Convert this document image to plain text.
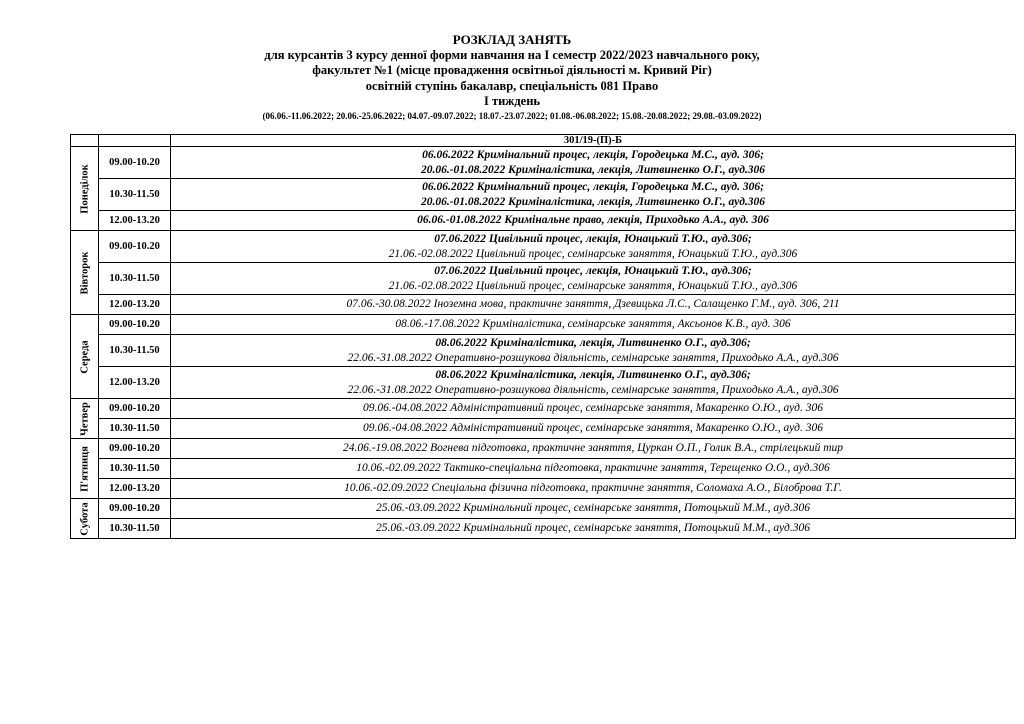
РОЗКЛАД ЗАНЯТЬ
для курсантів 3 курсу денної форми навчання на І семестр 2022/2023 навчального року,
факультет №1 (місце провадження освітньої діяльності м. Кривий Ріг)
освітній ступінь бакалавр, спеціальність 081 Право
І тиждень
(06.06.-11.06.2022; 20.06.-25.06.2022; 04.07.-09.07.2022; 18.07.-23.07.2022; 01.08.-06.08.2022; 15.08.-20.08.2022; 29.08.-03.09.2022)
		301/19-(П)-Б

Понеділок	09.00-10.20	06.06.2022 Кримінальний процес, лекція, Городецька М.С., ауд. 306;
20.06.-01.08.2022 Криміналістика, лекція, Литвиненко О.Г., ауд.306

	10.30-11.50	06.06.2022 Кримінальний процес, лекція, Городецька М.С., ауд. 306;
20.06.-01.08.2022 Криміналістика, лекція, Литвиненко О.Г., ауд.306

	12.00-13.20	06.06.-01.08.2022 Кримінальне право, лекція, Приходько А.А., ауд. 306

Вівторок	09.00-10.20	07.06.2022 Цивільний процес, лекція, Юнацький Т.Ю., ауд.306;
21.06.-02.08.2022 Цивільний процес, семінарське заняття, Юнацький Т.Ю., ауд.306

	10.30-11.50	07.06.2022 Цивільний процес, лекція, Юнацький Т.Ю., ауд.306;
21.06.-02.08.2022 Цивільний процес, семінарське заняття, Юнацький Т.Ю., ауд.306

	12.00-13.20	07.06.-30.08.2022 Іноземна мова, практичне заняття, Дзевицька Л.С., Салащенко Г.М., ауд. 306, 211

Середа	09.00-10.20	08.06.-17.08.2022 Криміналістика, семінарське заняття, Аксьонов К.В., ауд. 306

	10.30-11.50	08.06.2022 Криміналістика, лекція, Литвиненко О.Г., ауд.306;
22.06.-31.08.2022 Оперативно-розшукова діяльність, семінарське заняття, Приходько А.А., ауд.306

	12.00-13.20	08.06.2022 Криміналістика, лекція, Литвиненко О.Г., ауд.306;
22.06.-31.08.2022 Оперативно-розшукова діяльність, семінарське заняття, Приходько А.А., ауд.306

Четвер	09.00-10.20	09.06.-04.08.2022 Адміністративний процес, семінарське заняття, Макаренко О.Ю., ауд. 306

	10.30-11.50	09.06.-04.08.2022 Адміністративний процес, семінарське заняття, Макаренко О.Ю., ауд. 306

П'ятниця	09.00-10.20	24.06.-19.08.2022 Вогнева підготовка, практичне заняття, Цуркан О.П., Голик В.А., стрілецький тир

	10.30-11.50	10.06.-02.09.2022 Тактико-спеціальна підготовка, практичне заняття, Терещенко О.О., ауд.306

	12.00-13.20	10.06.-02.09.2022 Спеціальна фізична підготовка, практичне заняття, Соломаха А.О., Білоброва Т.Г.

Субота	09.00-10.20	25.06.-03.09.2022 Кримінальний процес, семінарське заняття, Потоцький М.М., ауд.306

	10.30-11.50	25.06.-03.09.2022 Кримінальний процес, семінарське заняття, Потоцький М.М., ауд.306
